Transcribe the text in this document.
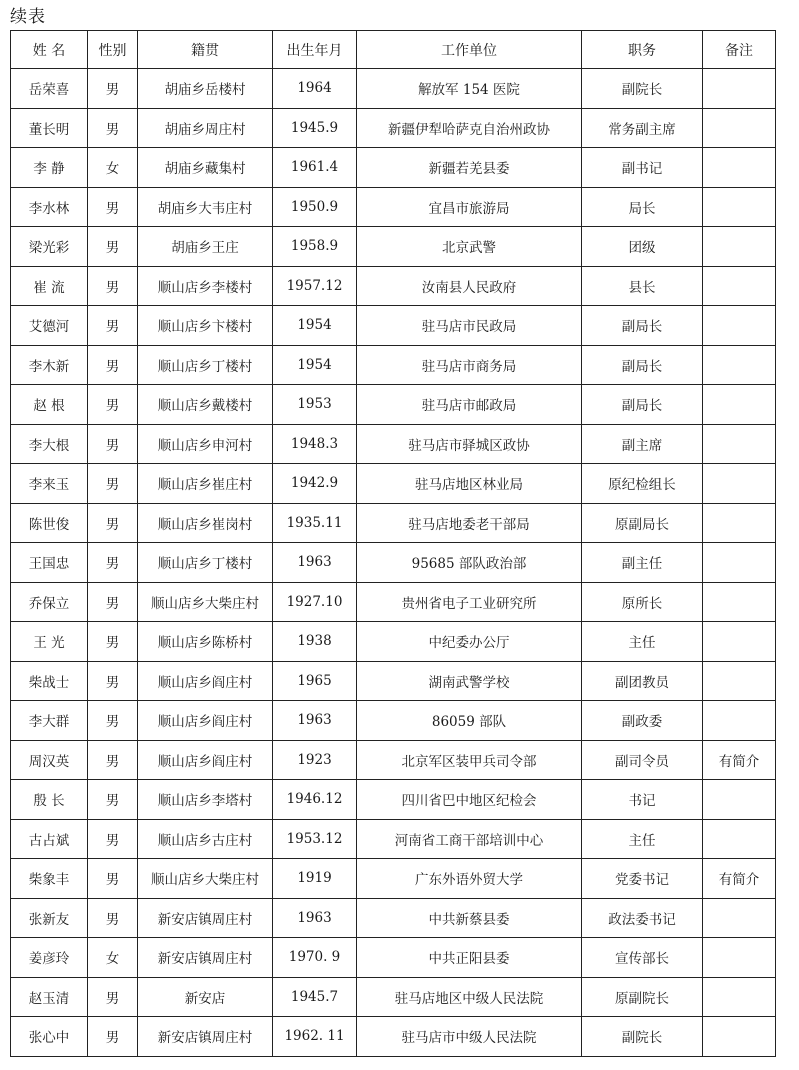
续表
姓 名	性别	籍贯	出生年月	工作单位	职务	备注
岳荣喜	男	胡庙乡岳楼村	1964	解放军 154 医院	副院长	
董长明	男	胡庙乡周庄村	1945.9	新疆伊犁哈萨克自治州政协	常务副主席	
李 静	女	胡庙乡藏集村	1961.4	新疆若羌县委	副书记	
李水林	男	胡庙乡大韦庄村	1950.9	宜昌市旅游局	局长	
梁光彩	男	胡庙乡王庄	1958.9	北京武警	团级	
崔 流	男	顺山店乡李楼村	1957.12	汝南县人民政府	县长	
艾德河	男	顺山店乡卞楼村	1954	驻马店市民政局	副局长	
李木新	男	顺山店乡丁楼村	1954	驻马店市商务局	副局长	
赵 根	男	顺山店乡戴楼村	1953	驻马店市邮政局	副局长	
李大根	男	顺山店乡申河村	1948.3	驻马店市驿城区政协	副主席	
李来玉	男	顺山店乡崔庄村	1942.9	驻马店地区林业局	原纪检组长	
陈世俊	男	顺山店乡崔岗村	1935.11	驻马店地委老干部局	原副局长	
王国忠	男	顺山店乡丁楼村	1963	95685 部队政治部	副主任	
乔保立	男	顺山店乡大柴庄村	1927.10	贵州省电子工业研究所	原所长	
王 光	男	顺山店乡陈桥村	1938	中纪委办公厅	主任	
柴战士	男	顺山店乡阎庄村	1965	湖南武警学校	副团教员	
李大群	男	顺山店乡阎庄村	1963	86059 部队	副政委	
周汉英	男	顺山店乡阎庄村	1923	北京军区装甲兵司令部	副司令员	有简介
殷 长	男	顺山店乡李塔村	1946.12	四川省巴中地区纪检会	书记	
古占斌	男	顺山店乡古庄村	1953.12	河南省工商干部培训中心	主任	
柴象丰	男	顺山店乡大柴庄村	1919	广东外语外贸大学	党委书记	有简介
张新友	男	新安店镇周庄村	1963	中共新蔡县委	政法委书记	
姜彦玲	女	新安店镇周庄村	1970. 9	中共正阳县委	宣传部长	
赵玉清	男	新安店	1945.7	驻马店地区中级人民法院	原副院长	
张心中	男	新安店镇周庄村	1962. 11	驻马店市中级人民法院	副院长	
